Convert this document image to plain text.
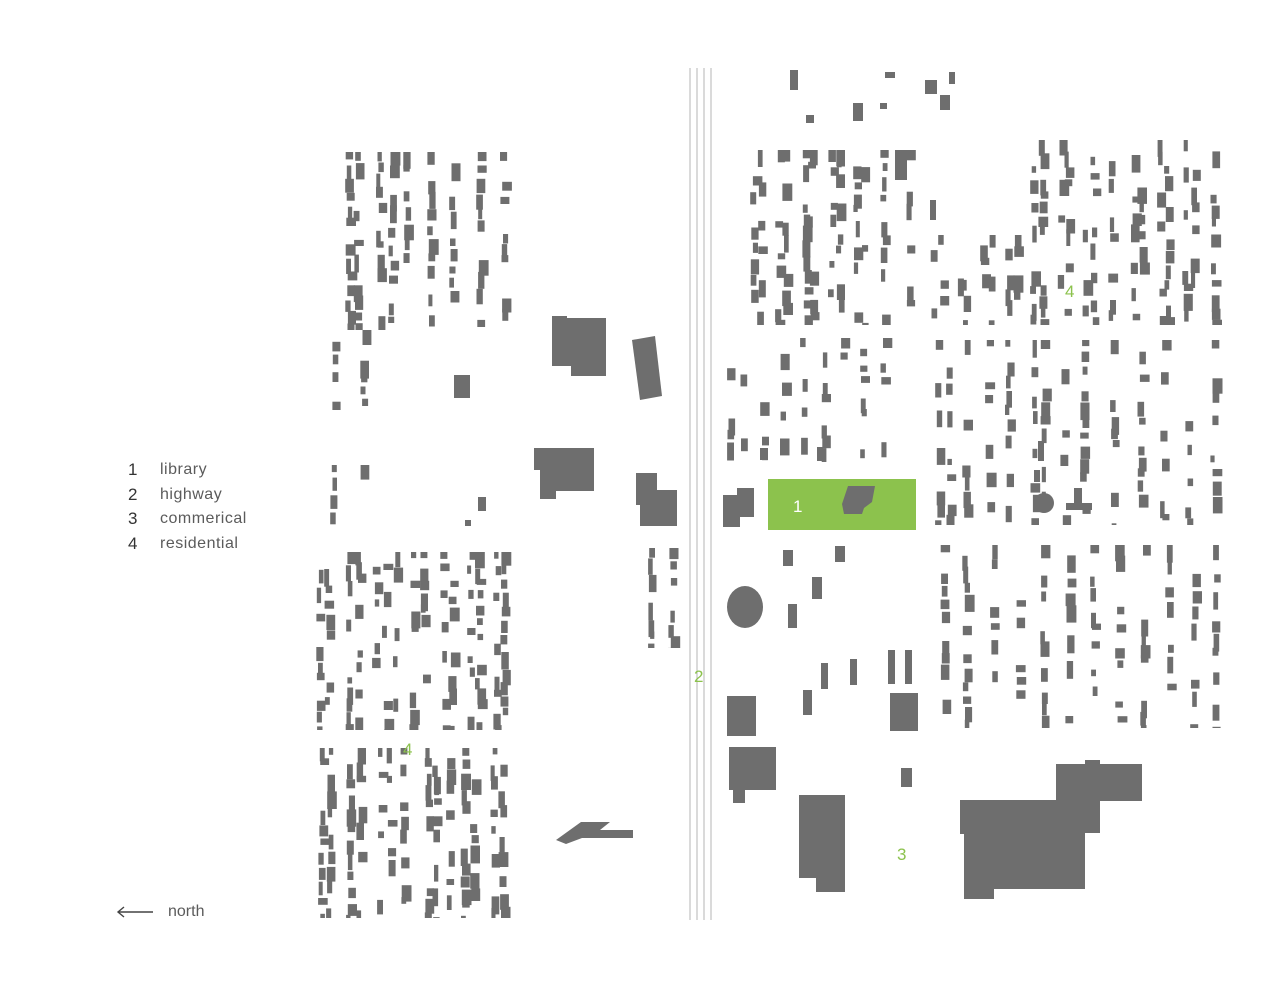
1
2
3
4
4
1	library
2	highway
3	commerical
4	residential
north
